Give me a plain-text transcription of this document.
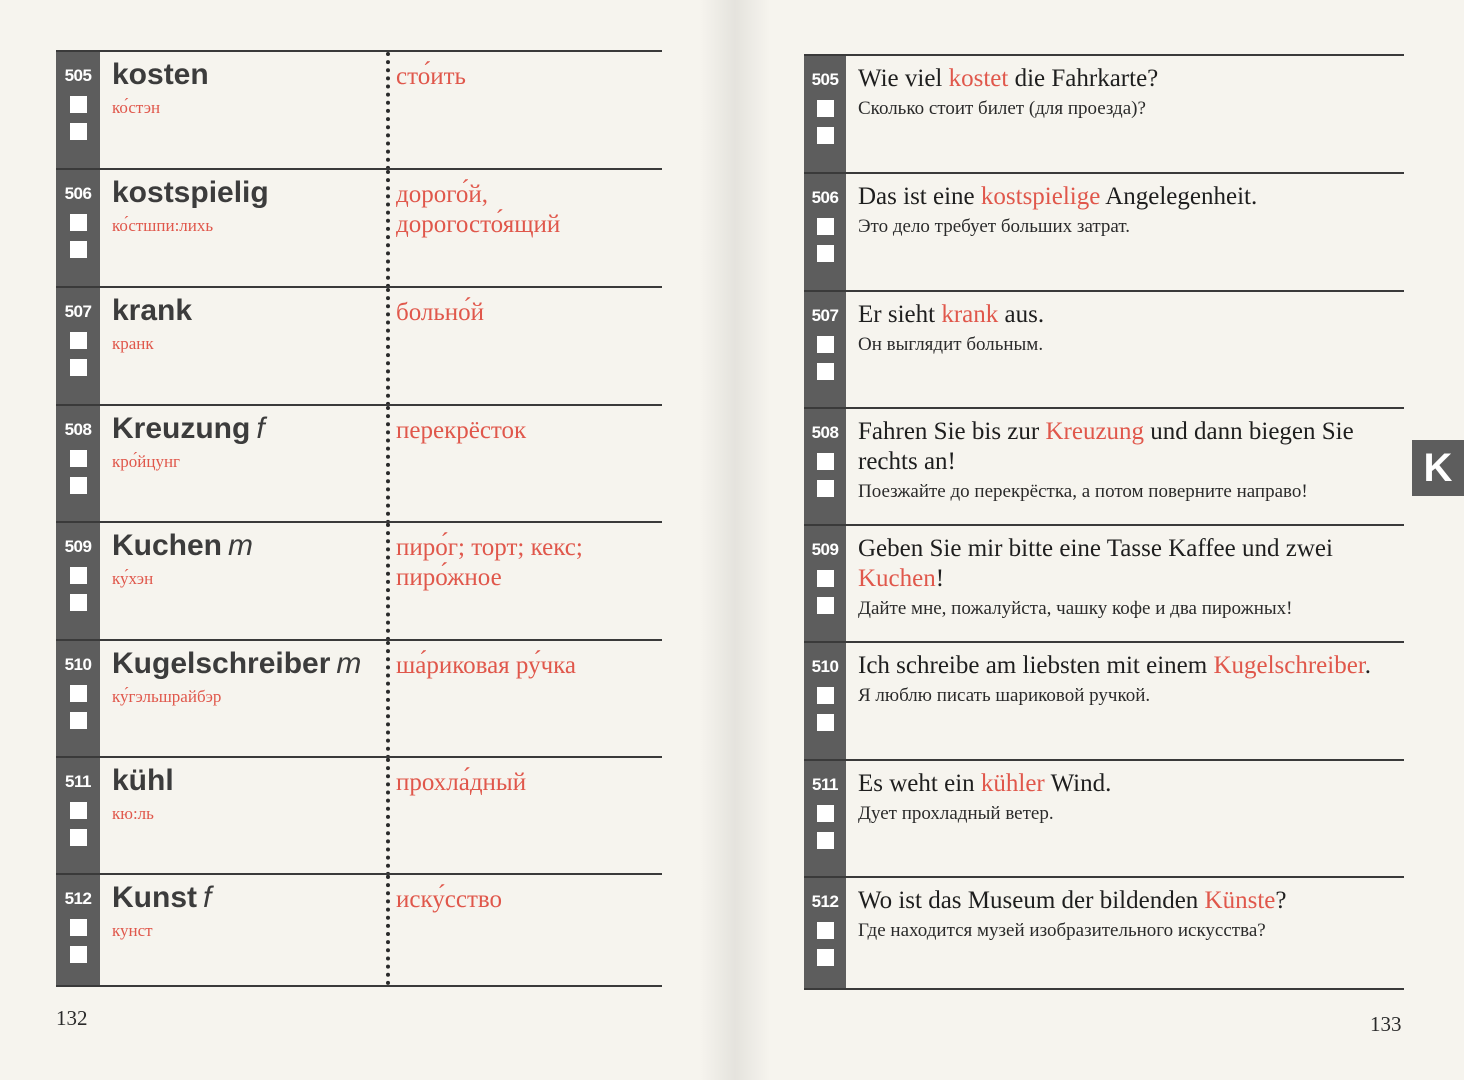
505 kosten
ко́стэн
сто́ить
506 kostspielig
ко́стшпи:лихь
дорого́й, дорогосто́ящий
507 krank
кранк
больно́й
508 Kreuzung f
кро́йцунг
перекрёсток
509 Kuchen m
ку́хэн
пиро́г; торт; кекс; пиро́жное
510 Kugelschreiber m
ку́гэльшрайбэр
ша́риковая ру́чка
511 kühl
кю:ль
прохла́дный
512 Kunst f
кунст
иску́сство
132
505 Wie viel kostet die Fahrkarte?
Сколько стоит билет (для проезда)?
506 Das ist eine kostspielige Angelegenheit.
Это дело требует больших затрат.
507 Er sieht krank aus.
Он выглядит больным.
508 Fahren Sie bis zur Kreuzung und dann biegen Sie rechts an!
Поезжайте до перекрёстка, а потом поверните направо!
509 Geben Sie mir bitte eine Tasse Kaffee und zwei Kuchen!
Дайте мне, пожалуйста, чашку кофе и два пирожных!
510 Ich schreibe am liebsten mit einem Kugelschreiber.
Я люблю писать шариковой ручкой.
511 Es weht ein kühler Wind.
Дует прохладный ветер.
512 Wo ist das Museum der bildenden Künste?
Где находится музей изобразительного искусства?
133
K
